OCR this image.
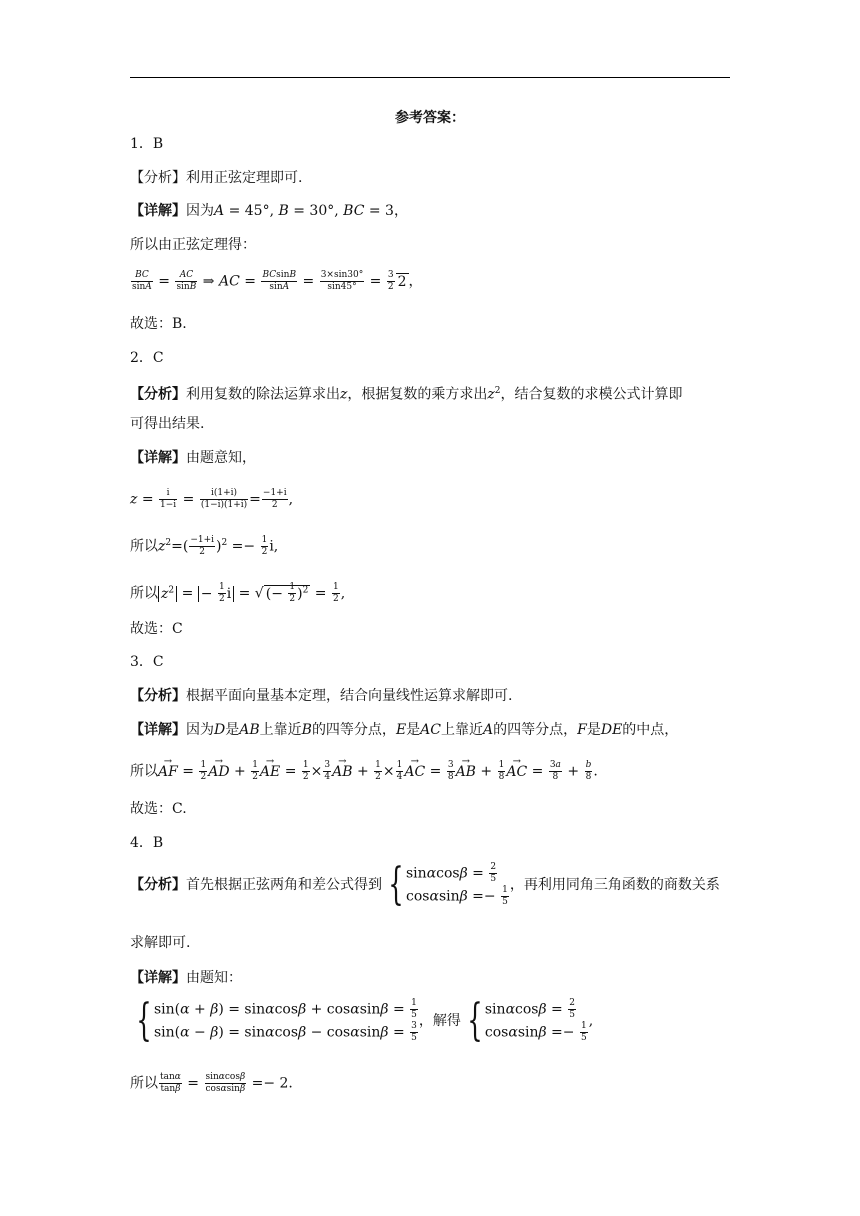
参考答案：
1．B
【分析】利用正弦定理即可.
【详解】因为A = 45°, B = 30°, BC = 3，
所以由正弦定理得：
$\frac{BC}{\sin A} = \frac{AC}{\sin B}$ ⇒ AC = $\frac{BCsinB}{\sin A} = \frac{3\times\sin 30^\circ}{\sin 45^\circ} = \frac{3}{2} 2$ ，
故选：B.
2．C
【分析】利用复数的除法运算求出z，根据复数的乘方求出$z^2$，结合复数的求模公式计算即
可得出结果.
【详解】由题意知，
$z = \frac{i}{1-i} = \frac{i(1+i)}{(1-i)(1+i)} = \frac{-1+i}{2}$ ,
所以$z^2=( \frac{-1+i}{2} )^2 =- \frac{1}{2} i$,
所以 $z^2$ = − $\frac{1}{2}$ i = √ (− $\frac{1}{2} )^2 = \frac{1}{2}$ ,
故选：C
3．C
【分析】根据平面向量基本定理，结合向量线性运算求解即可.
【详解】因为D是AB上靠近B的四等分点，E是AC上靠近A的四等分点，F是DE的中点，
所以→ AF = $\frac{1}{2}$ → AD + $\frac{1}{2}$ → AE = $\frac{1}{2} \times \frac{3}{4}$ → AB + $\frac{1}{2} \times \frac{1}{4}$ → AC = $\frac{3}{8}$ → AB + $\frac{1}{8}$ → AC = $\frac{3a}{8} + \frac{b}{8}$ .
故选：C.
4．B
【分析】首先根据正弦两角和差公式得到 { $\sin\alpha\cos\beta = \frac{2}{5}$
$\cos\alpha\sin\beta =- \frac{1}{5}$ ，再利用同角三角函数的商数关系
求解即可.
【详解】由题知：
{ $\sin(\alpha + \beta) = \sin\alpha\cos\beta + \cos\alpha\sin\beta = \frac{1}{5}$
$\sin(\alpha - \beta) = \sin\alpha\cos\beta - \cos\alpha\sin\beta = \frac{3}{5}$ ，解得 { $\sin\alpha\cos\beta = \frac{2}{5}$
$\cos\alpha\sin\beta =- \frac{1}{5}$ ,
所以 $\frac{\tan\alpha}{\tan\beta} = \frac{\sin\alpha\cos\beta}{\cos\alpha\sin\beta} =- 2$.
